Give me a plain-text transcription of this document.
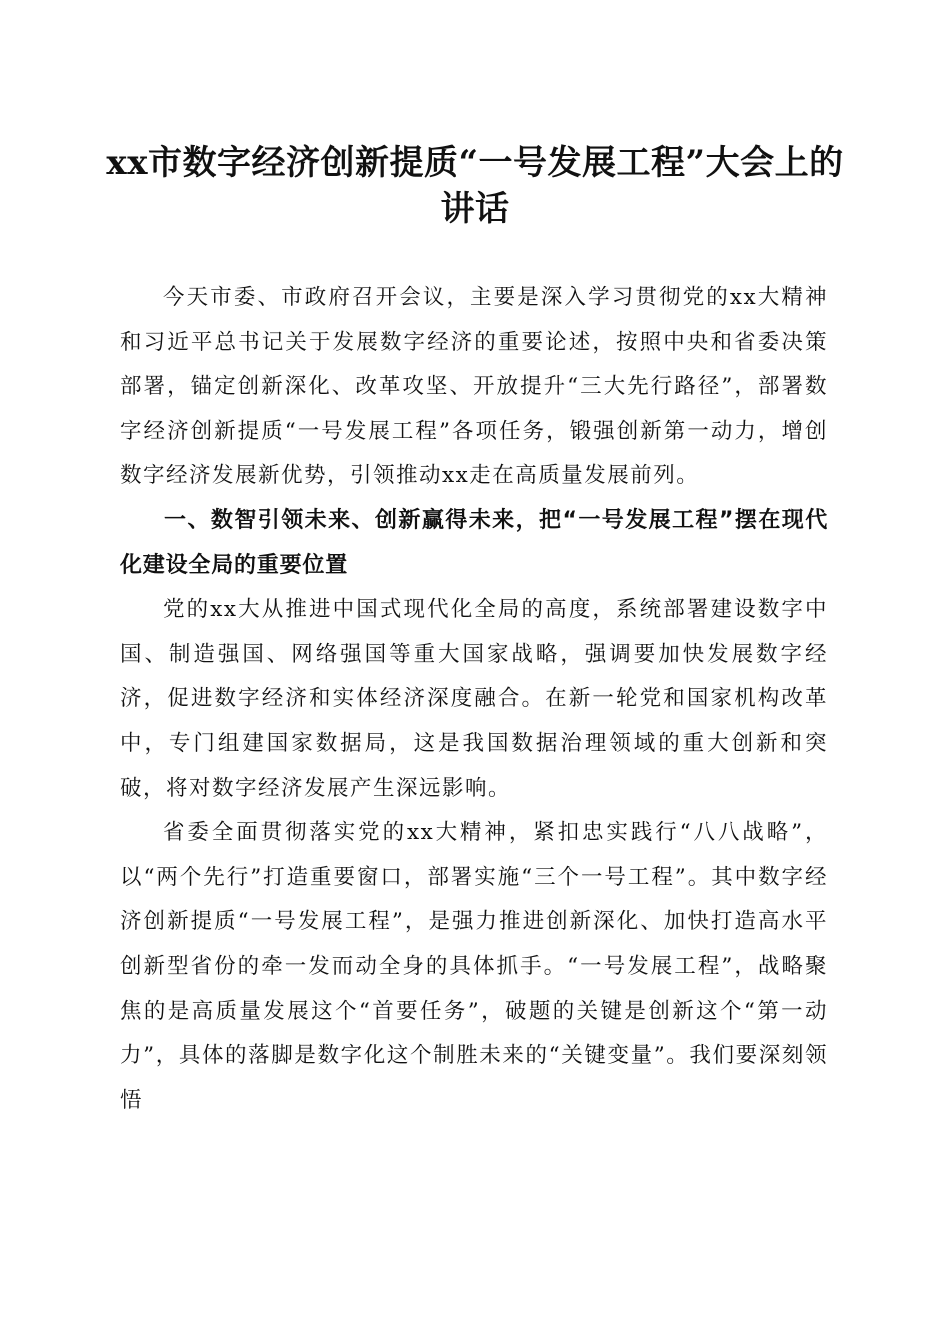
xx市数字经济创新提质“一号发展工程”大会上的讲话

今天市委、市政府召开会议，主要是深入学习贯彻党的xx大精神和习近平总书记关于发展数字经济的重要论述，按照中央和省委决策部署，锚定创新深化、改革攻坚、开放提升“三大先行路径”，部署数字经济创新提质“一号发展工程”各项任务，锻强创新第一动力，增创数字经济发展新优势，引领推动xx走在高质量发展前列。

一、数智引领未来、创新赢得未来，把“一号发展工程”摆在现代化建设全局的重要位置

党的xx大从推进中国式现代化全局的高度，系统部署建设数字中国、制造强国、网络强国等重大国家战略，强调要加快发展数字经济，促进数字经济和实体经济深度融合。在新一轮党和国家机构改革中，专门组建国家数据局，这是我国数据治理领域的重大创新和突破，将对数字经济发展产生深远影响。

省委全面贯彻落实党的xx大精神，紧扣忠实践行“八八战略”，以“两个先行”打造重要窗口，部署实施“三个一号工程”。其中数字经济创新提质“一号发展工程”，是强力推进创新深化、加快打造高水平创新型省份的牵一发而动全身的具体抓手。“一号发展工程”，战略聚焦的是高质量发展这个“首要任务”，破题的关键是创新这个“第一动力”，具体的落脚是数字化这个制胜未来的“关键变量”。我们要深刻领悟
